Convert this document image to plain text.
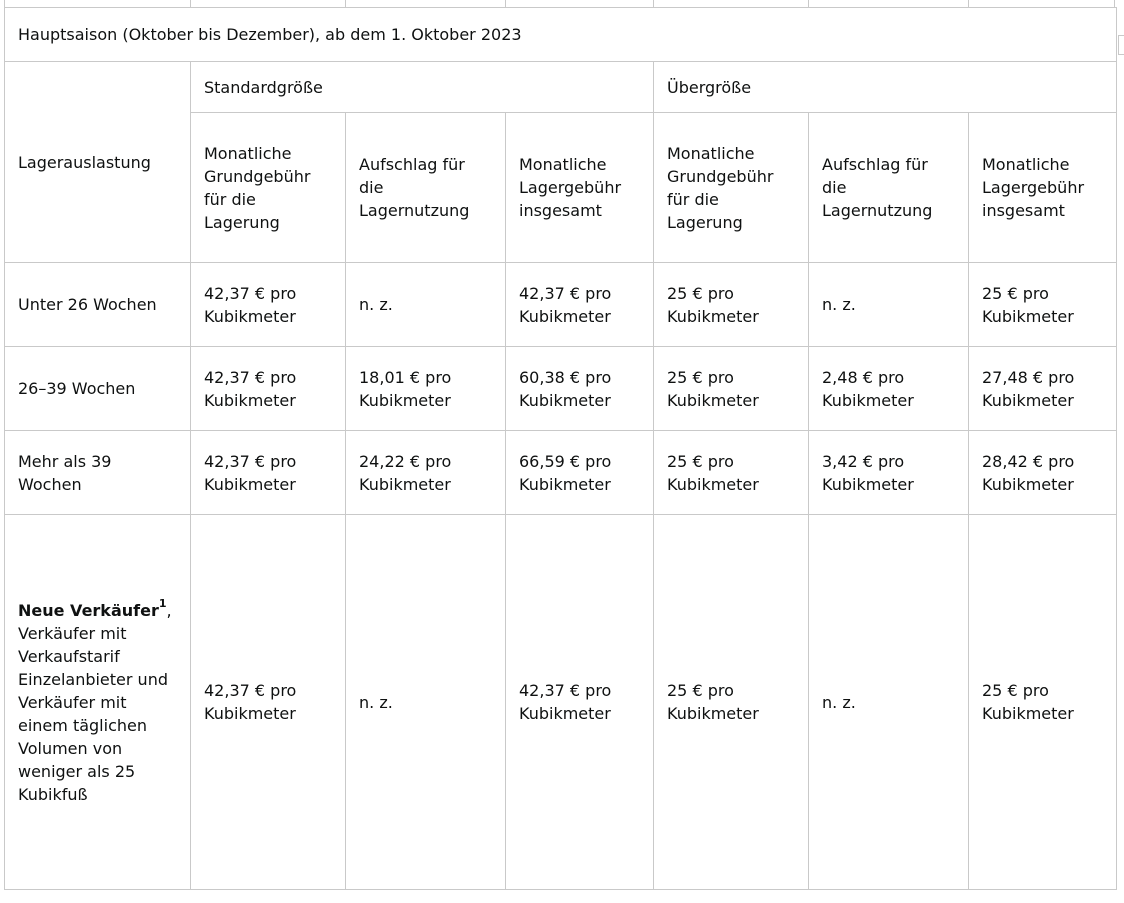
Hauptsaison (Oktober bis Dezember), ab dem 1. Oktober 2023						
Lagerauslastung	Standardgröße			Übergröße		
	Monatliche Grundgebühr für die Lagerung	Aufschlag für die Lagernutzung	Monatliche Lagergebühr insgesamt	Monatliche Grundgebühr für die Lagerung	Aufschlag für die Lagernutzung	Monatliche Lagergebühr insgesamt
Unter 26 Wochen	42,37 € pro Kubikmeter	n. z.	42,37 € pro Kubikmeter	25 € pro Kubikmeter	n. z.	25 € pro Kubikmeter
26–39 Wochen	42,37 € pro Kubikmeter	18,01 € pro Kubikmeter	60,38 € pro Kubikmeter	25 € pro Kubikmeter	2,48 € pro Kubikmeter	27,48 € pro Kubikmeter
Mehr als 39 Wochen	42,37 € pro Kubikmeter	24,22 € pro Kubikmeter	66,59 € pro Kubikmeter	25 € pro Kubikmeter	3,42 € pro Kubikmeter	28,42 € pro Kubikmeter
Neue Verkäufer$^1$, Verkäufer mit Verkaufstarif Einzelanbieter und Verkäufer mit einem täglichen Volumen von weniger als 25 Kubikfuß	42,37 € pro Kubikmeter	n. z.	42,37 € pro Kubikmeter	25 € pro Kubikmeter	n. z.	25 € pro Kubikmeter
